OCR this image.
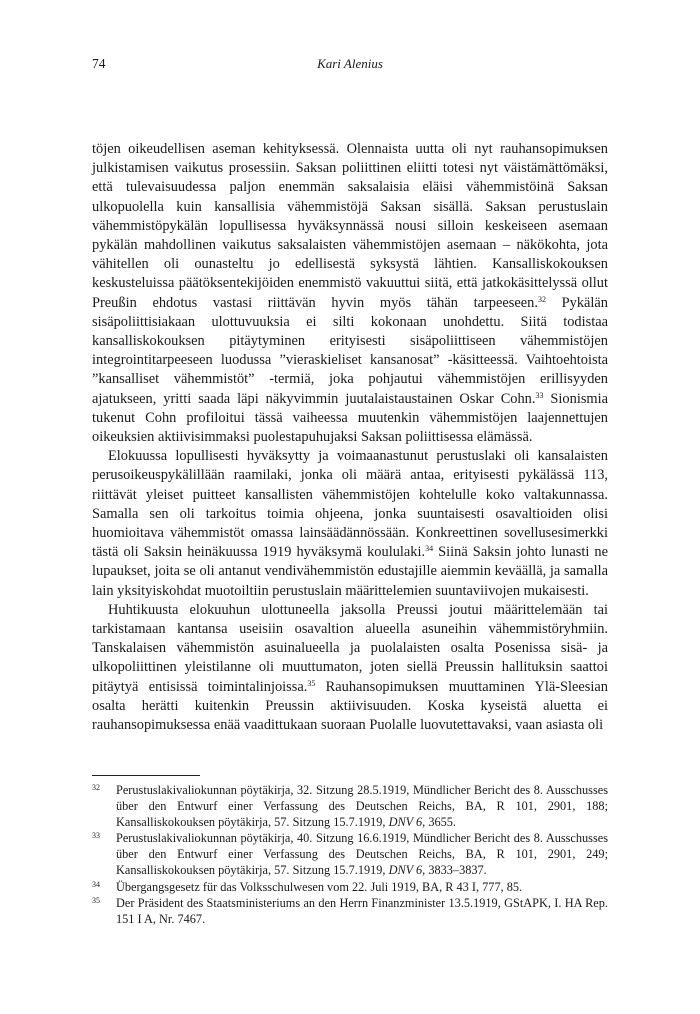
74	Kari Alenius

töjen oikeudellisen aseman kehityksessä. Olennaista uutta oli nyt rauhansopimuksen julkistamisen vaikutus prosessiin. Saksan poliittinen eliitti totesi nyt väistämättömäksi, että tulevaisuudessa paljon enemmän saksalaisia eläisi vähemmistöinä Saksan ulkopuolella kuin kansallisia vähemmistöjä Saksan sisällä. Saksan perustuslain vähemmistöpykälän lopullisessa hyväksynnässä nousi silloin keskeiseen asemaan pykälän mahdollinen vaikutus saksalaisten vähemmistöjen asemaan – näkökohta, jota vähitellen oli ounasteltu jo edellisestä syksystä lähtien. Kansalliskokouksen keskusteluissa päätöksentekijöiden enemmistö vakuuttui siitä, että jatkokäsittelyssä ollut Preußin ehdotus vastasi riittävän hyvin myös tähän tarpeeseen.$^{32}$ Pykälän sisäpoliittisiakaan ulottuvuuksia ei silti kokonaan unohdettu. Siitä todistaa kansalliskokouksen pitäytyminen erityisesti sisäpoliittiseen vähemmistöjen integrointitarpeeseen luodussa ”vieraskieliset kansanosat” -käsitteessä. Vaihtoehtoista ”kansalliset vähemmistöt” -termiä, joka pohjautui vähemmistöjen erillisyyden ajatukseen, yritti saada läpi näkyvimmin juutalaistaustainen Oskar Cohn.$^{33}$ Sionismia tukenut Cohn profiloitui tässä vaiheessa muutenkin vähemmistöjen laajennettujen oikeuksien aktiivisimmaksi puolestapuhujaksi Saksan poliittisessa elämässä.

Elokuussa lopullisesti hyväksytty ja voimaanastunut perustuslaki oli kansalaisten perusoikeuspykälillään raamilaki, jonka oli määrä antaa, erityisesti pykälässä 113, riittävät yleiset puitteet kansallisten vähemmistöjen kohtelulle koko valtakunnassa. Samalla sen oli tarkoitus toimia ohjeena, jonka suuntaisesti osavaltioiden olisi huomioitava vähemmistöt omassa lainsäädännössään. Konkreettinen sovellusesimerkki tästä oli Saksin heinäkuussa 1919 hyväksymä koululaki.$^{34}$ Siinä Saksin johto lunasti ne lupaukset, joita se oli antanut vendivähemmistön edustajille aiemmin keväällä, ja samalla lain yksityiskohdat muotoiltiin perustuslain määrittelemien suuntaviivojen mukaisesti.

Huhtikuusta elokuuhun ulottuneella jaksolla Preussi joutui määrittelemään tai tarkistamaan kantansa useisiin osavaltion alueella asuneihin vähemmistöryhmiin. Tanskalaisen vähemmistön asuinalueella ja puolalaisten osalta Posenissa sisä- ja ulkopoliittinen yleistilanne oli muuttumaton, joten siellä Preussin hallituksin saattoi pitäytyä entisissä toimintalinjoissa.$^{35}$ Rauhansopimuksen muuttaminen Ylä-Sleesian osalta herätti kuitenkin Preussin aktiivisuuden. Koska kyseistä aluetta ei rauhansopimuksessa enää vaadittukaan suoraan Puolalle luovutettavaksi, vaan asiasta oli

32 Perustuslakivaliokunnan pöytäkirja, 32. Sitzung 28.5.1919, Mündlicher Bericht des 8. Ausschusses über den Entwurf einer Verfassung des Deutschen Reichs, BA, R 101, 2901, 188; Kansalliskokouksen pöytäkirja, 57. Sitzung 15.7.1919, DNV 6, 3655.
33 Perustuslakivaliokunnan pöytäkirja, 40. Sitzung 16.6.1919, Mündlicher Bericht des 8. Ausschusses über den Entwurf einer Verfassung des Deutschen Reichs, BA, R 101, 2901, 249; Kansalliskokouksen pöytäkirja, 57. Sitzung 15.7.1919, DNV 6, 3833–3837.
34 Übergangsgesetz für das Volksschulwesen vom 22. Juli 1919, BA, R 43 I, 777, 85.
35 Der Präsident des Staatsministeriums an den Herrn Finanzminister 13.5.1919, GStAPK, I. HA Rep. 151 I A, Nr. 7467.
